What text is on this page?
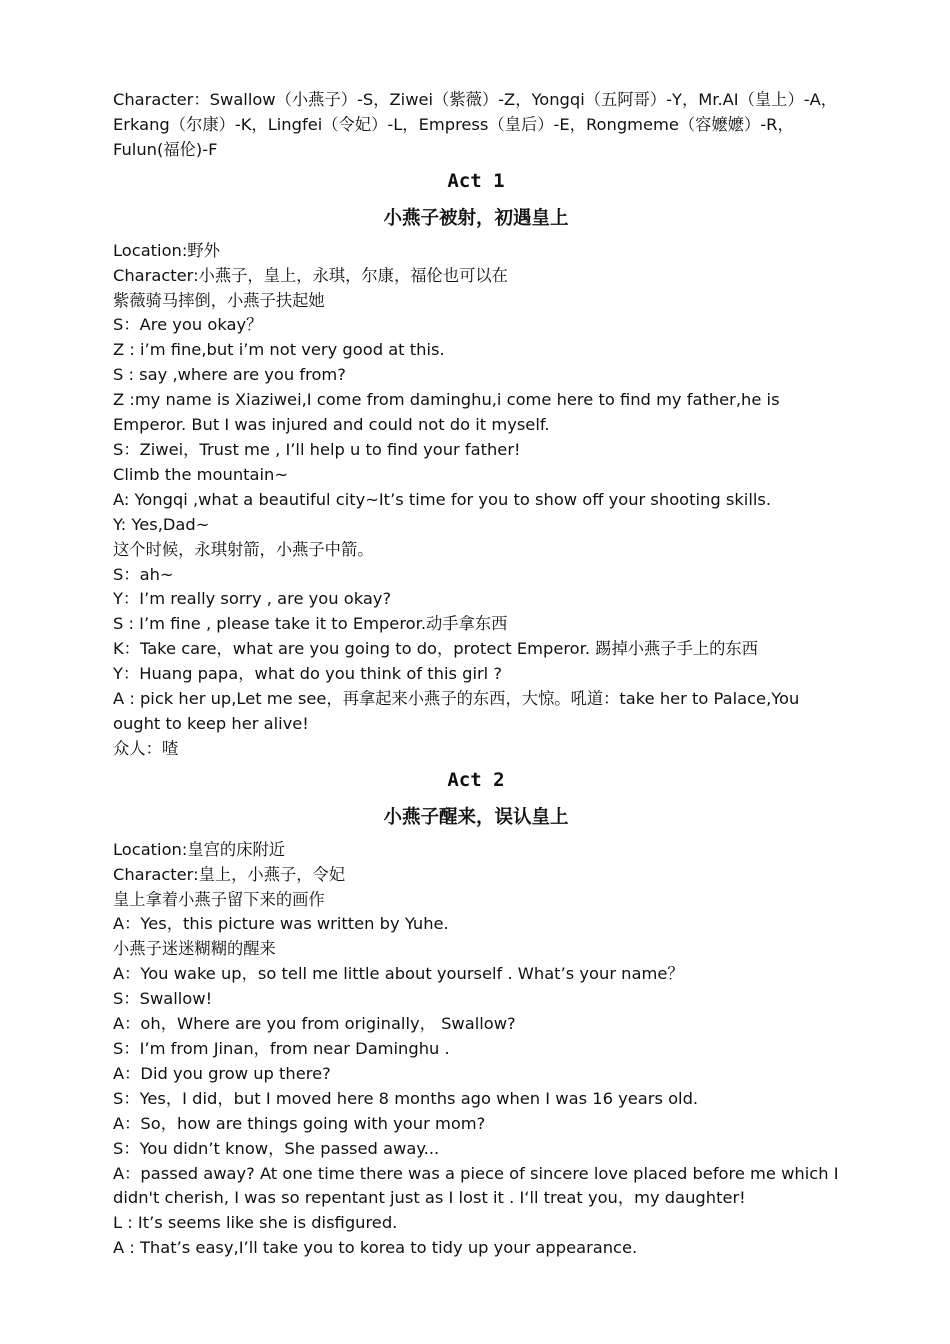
Character：Swallow（小燕子）-S，Ziwei（紫薇）-Z，Yongqi（五阿哥）-Y，Mr.AI（皇上）-A，Erkang（尔康）-K，Lingfei（令妃）-L，Empress（皇后）-E，Rongmeme（容嬷嬷）-R，Fulun(福伦)-F

Act 1
小燕子被射，初遇皇上

Location:野外

Character:小燕子，皇上，永琪，尔康，福伦也可以在

紫薇骑马摔倒，小燕子扶起她

S：Are you okay？

Z : i’m fine,but i’m not very good at this.

S : say ,where are you from?

Z :my name is Xiaziwei,I come from daminghu,i come here to find my father,he is Emperor. But I was injured and could not do it myself.

S：Ziwei，Trust me , I’ll help u to find your father!

Climb the mountain~

A: Yongqi ,what a beautiful city~It’s time for you to show off your shooting skills.

Y: Yes,Dad~

这个时候，永琪射箭，小燕子中箭。

S：ah~

Y：I’m really sorry , are you okay?

S : I’m fine , please take it to Emperor.动手拿东西

K：Take care，what are you going to do，protect Emperor. 踢掉小燕子手上的东西

Y：Huang papa，what do you think of this girl ?

A : pick her up,Let me see，再拿起来小燕子的东西，大惊。吼道：take her to Palace,You ought to keep her alive!

众人：喳

Act 2
小燕子醒来，误认皇上

Location:皇宫的床附近

Character:皇上，小燕子，令妃

皇上拿着小燕子留下来的画作

A：Yes，this picture was written by Yuhe.

小燕子迷迷糊糊的醒来

A：You wake up，so tell me little about yourself . What’s your name？

S：Swallow!

A：oh，Where are you from originally， Swallow?

S：I’m from Jinan，from near Daminghu .

A：Did you grow up there?

S：Yes，I did，but I moved here 8 months ago when I was 16 years old.

A：So，how are things going with your mom?

S：You didn’t know，She passed away...

A：passed away? At one time there was a piece of sincere love placed before me which I didn't cherish, I was so repentant just as I lost it . I‘ll treat you，my daughter!

L : It’s seems like she is disfigured.

A : That’s easy,I’ll take you to korea to tidy up your appearance.
